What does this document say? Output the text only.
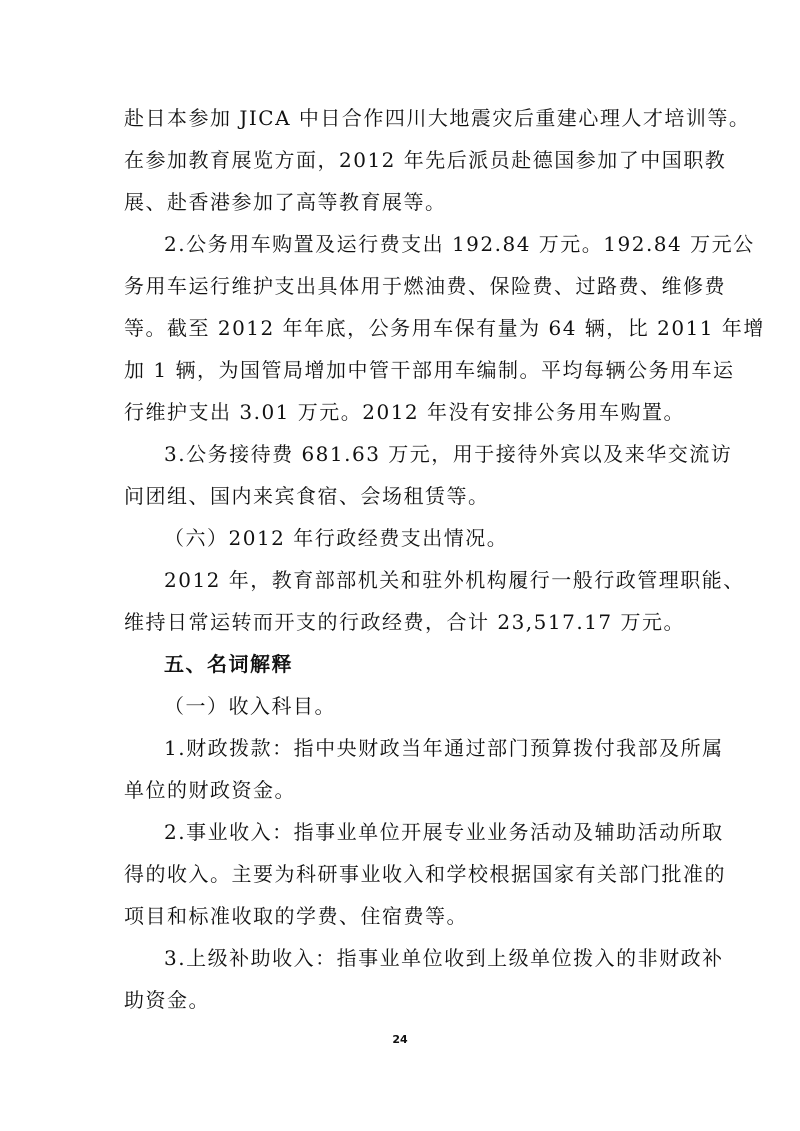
赴日本参加 JICA 中日合作四川大地震灾后重建心理人才培训等。
在参加教育展览方面，2012 年先后派员赴德国参加了中国职教
展、赴香港参加了高等教育展等。
2.公务用车购置及运行费支出 192.84 万元。192.84 万元公
务用车运行维护支出具体用于燃油费、保险费、过路费、维修费
等。截至 2012 年年底，公务用车保有量为 64 辆，比 2011 年增
加 1 辆，为国管局增加中管干部用车编制。平均每辆公务用车运
行维护支出 3.01 万元。2012 年没有安排公务用车购置。
3.公务接待费 681.63 万元，用于接待外宾以及来华交流访
问团组、国内来宾食宿、会场租赁等。
（六）2012 年行政经费支出情况。
2012 年，教育部部机关和驻外机构履行一般行政管理职能、
维持日常运转而开支的行政经费，合计 23,517.17 万元。
五、名词解释
（一）收入科目。
1.财政拨款：指中央财政当年通过部门预算拨付我部及所属
单位的财政资金。
2.事业收入：指事业单位开展专业业务活动及辅助活动所取
得的收入。主要为科研事业收入和学校根据国家有关部门批准的
项目和标准收取的学费、住宿费等。
3.上级补助收入：指事业单位收到上级单位拨入的非财政补
助资金。
24
